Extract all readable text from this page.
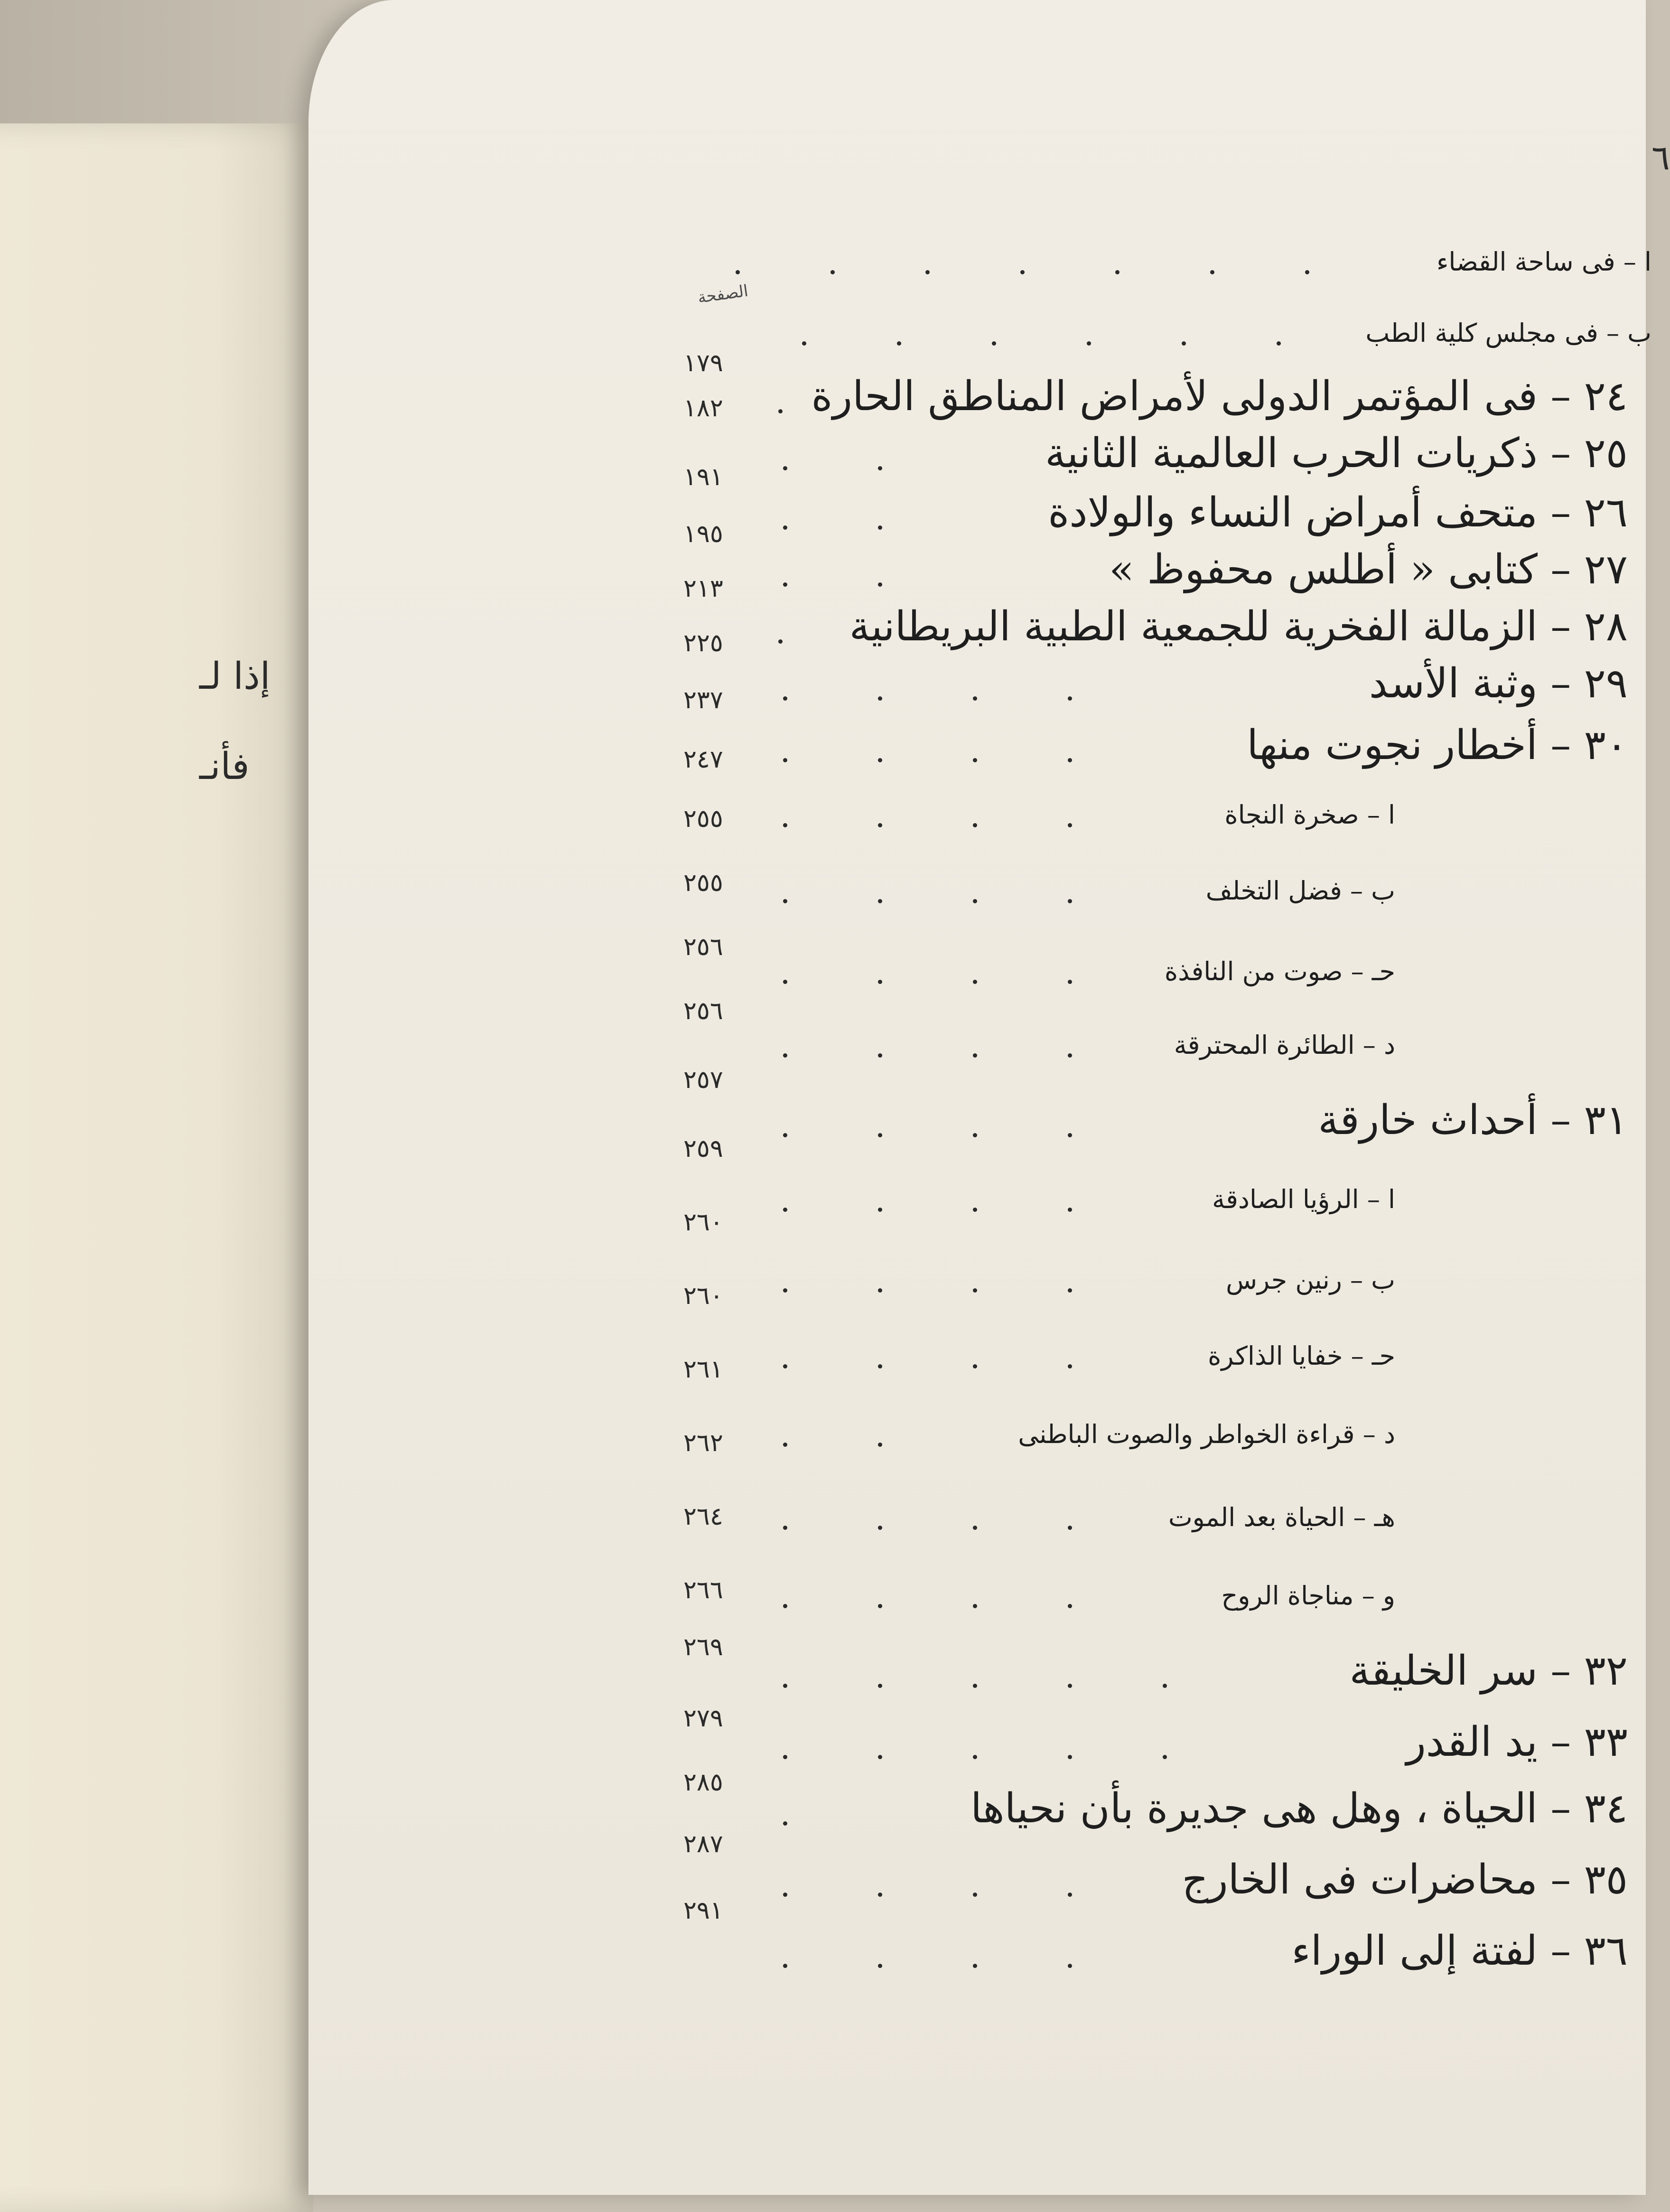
إذا لـ
فأنـ
٦
الصفحة
ا – فى ساحة القضاء
ب – فى مجلس كلية الطب
٢٤ – فى المؤتمر الدولى لأمراض المناطق الحارة
٢٥ – ذكريات الحرب العالمية الثانية
٢٦ – متحف أمراض النساء والولادة
٢٧ – كتابى « أطلس محفوظ »
٢٨ – الزمالة الفخرية للجمعية الطبية البريطانية
٢٩ – وثبة الأسد
٣٠ – أخطار نجوت منها
ا – صخرة النجاة
ب – فضل التخلف
حـ – صوت من النافذة
د – الطائرة المحترقة
٣١ – أحداث خارقة
ا – الرؤيا الصادقة
ب – رنين جرس
حـ – خفايا الذاكرة
د – قراءة الخواطر والصوت الباطنى
هـ – الحياة بعد الموت
و – مناجاة الروح
٣٢ – سر الخليقة
٣٣ – يد القدر
٣٤ – الحياة ، وهل هى جديرة بأن نحياها
٣٥ – محاضرات فى الخارج
٣٦ – لفتة إلى الوراء
١٧٩
١٨٢
١٩١
١٩٥
٢١٣
٢٢٥
٢٣٧
٢٤٧
٢٥٥
٢٥٥
٢٥٦
٢٥٦
٢٥٧
٢٥٩
٢٦٠
٢٦٠
٢٦١
٢٦٢
٢٦٤
٢٦٦
٢٦٩
٢٧٩
٢٨٥
٢٨٧
٢٩١
